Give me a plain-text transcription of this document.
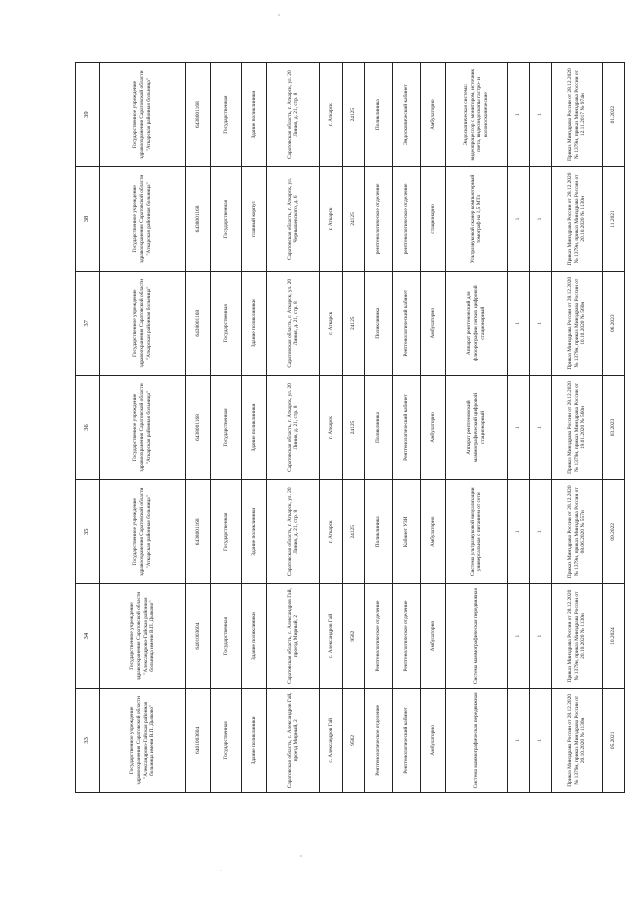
33	34	35	36	37	38	39
Государственное учреждение здравоохранения Саратовской области "Александрово-Гайская районная больница имени В.П. Дьяково"	Государственное учреждение здравоохранения Саратовской области "Александрово-Гайская районная больница имени В.П. Дьяково"	Государственное учреждение здравоохранения Саратовской области "Аткарская районная больница"	Государственное учреждение здравоохранения Саратовской области "Аткарская районная больница"	Государственное учреждение здравоохранения Саратовской области "Аткарская районная больница"	Государственное учреждение здравоохранения Саратовской области "Аткарская районная больница"	Государственное учреждение здравоохранения Саратовской области "Аткарская районная больница"
6401003604	6401003604	6438001168	6438001168	6438001168	6438001168	6438001168
Государственная	Государственная	Государственная	Государственная	Государственная	Государственная	Государственная
Здание поликлиники	Здание поликлиники	Здание поликлиники	Здание поликлиники	Здание поликлиники	главный корпус	Здание поликлиники
Саратовская область, с. Александров Гай, проезд Мирный, 2	Саратовская область, с. Александров Гай, проезд Мирный, 2	Саратовская область, г. Аткарск, ул. 20 Линия, д. 21, стр. 8	Саратовская область, г. Аткарск, ул. 20 Линия, д. 21, стр. 8	Саратовская область, г. Аткарск, ул. 20 Линия, д. 21, стр. 8	Саратовская область, г. Аткарск, ул. Чернышевского, д. 6	Саратовская область, г. Аткарск, ул. 20 Линия, д. 21, стр. 8
с. Александров Гай	с. Александров Гай	г. Аткарск	г. Аткарск	г. Аткарск	г. Аткарск	г. Аткарск
9562	9562	24125	24125	24125	24125	24125
Рентгенологическое отделение	Рентгенологическое отделение	Поликлиника	Поликлиника	Поликлиника	рентгенологическое отделение	Поликлиника
Рентгенологический кабинет	Рентгенологическое отделение	Кабинет УЗИ	Рентгенологический кабинет	Рентгенологический кабинет	рентгенологическое отделение	Эндоскопический кабинет
Амбулаторно	Амбулаторно	Амбулаторно	Амбулаторно	Амбулаторно	стационарно	Амбулаторно
Система маммографическая передвижная	Система маммографическая передвижная	Система ультразвуковой визуализации универсальная с питанием от сети	Аппарат рентгеновский маммографический цифровой стационарный	Аппарат рентгеновский для флюорографии легких цифровой стационарный	Ультразвуковой сканер компьютерный томограф на 1,5 МТл	Эндоскопическая система: видеопроцессор с монитором, источник света, видеоэндоскопы гастро- и колоноскопические
1	1	1	1	1	1	1
1	1	1	1	1	1	1
Приказ Минздрава России от 28.12.2020 № 1379н, приказ Минздрава России от 20.10.2020 № 1130н	Приказ Минздрава России от 28.12.2020 № 1379н, приказ Минздрава России от 20.10.2020 № 1130н	Приказ Минздрава России от 28.12.2020 № 1379н, приказ Минздрава России от 08.06.2020 № 557н	Приказ Минздрава России от 28.12.2020 № 1379н, приказ Минздрава России от 19.01.2020 № 560н	Приказ Минздрава России от 28.12.2020 № 1379н, приказ Минздрава России от 10.10.2020 № 560н	Приказ Минздрава России от 28.12.2020 № 1379н, приказ Минздрава России от 20.10.2020 № 1130н	Приказ Минздрава России от 28.12.2020 № 1379н, приказ Минздрава России от 12.11.2017 № 974н
05.2021	10.2024	09.2022	03.2023	06.2023	11.2021	01.2022
